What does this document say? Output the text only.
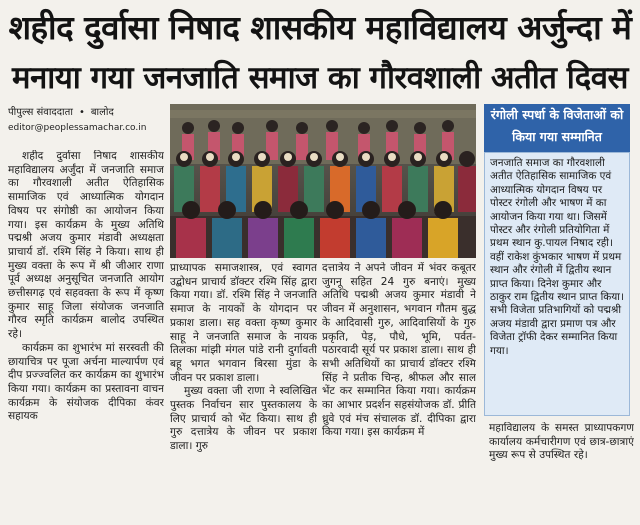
शहीद दुर्वासा निषाद शासकीय महाविद्यालय अर्जुन्दा में
मनाया गया जनजाति समाज का गौरवशाली अतीत दिवस
पीपुल्स संवाददाता • बालोद
editor@peoplessamachar.co.in

शहीद दुर्वासा निषाद शासकीय महाविद्यालय अर्जुंदा में जनजाति समाज का गौरवशाली अतीत ऐतिहासिक सामाजिक एवं आध्यात्मिक योगदान विषय पर संगोष्ठी का आयोजन किया गया। इस कार्यक्रम के मुख्य अतिथि पद्मश्री अजय कुमार मंडावी अध्यक्षता प्राचार्य डॉ. रश्मि सिंह ने किया। साथ ही मुख्य वक्ता के रूप में श्री जीआर राणा पूर्व अध्यक्ष अनुसूचित जनजाति आयोग छत्तीसगढ़ एवं सहवक्ता के रूप में कृष्ण कुमार साहू जिला संयोजक जनजाति गौरव स्मृति कार्यक्रम बालोद उपस्थित रहे।

कार्यक्रम का शुभारंभ मां सरस्वती की छायाचित्र पर पूजा अर्चना माल्यार्पण एवं दीप प्रज्ज्वलित कर कार्यक्रम का शुभारंभ किया गया। कार्यक्रम का प्रस्तावना वाचन कार्यक्रम के संयोजक दीपिका कंवर सहायक

प्राध्यापक समाजशास्त्र, एवं स्वागत उद्बोधन प्राचार्य डॉक्टर रश्मि सिंह द्वारा किया गया। डॉ. रश्मि सिंह ने जनजाति समाज के नायकों के योगदान पर प्रकाश डाला। सह वक्ता कृष्ण कुमार साहू ने जनजाति समाज के नायक तिलका मांझी मंगल पांडे रानी दुर्गावती बहू भगत भगवान बिरसा मुंडा के जीवन पर प्रकाश डाला।

मुख्य वक्ता जी राणा ने स्वलिखित पुस्तक निर्वाचन सार पुस्तकालय के लिए प्राचार्य को भेंट किया। साथ ही गुरु दत्तात्रेय के जीवन पर प्रकाश डाला। गुरु

दत्तात्रेय ने अपने जीवन में भंवर कबूतर जुगनू सहित 24 गुरु बनाएं। मुख्य अतिथि पद्मश्री अजय कुमार मंडावी ने जीवन में अनुशासन, भगवान गौतम बुद्ध के आदिवासी गुरु, आदिवासियों के गुरु प्रकृति, पेड़, पौधे, भूमि, पर्वत- पठारवादी सूर्य पर प्रकाश डाला। साथ ही सभी अतिथियों का प्राचार्य डॉक्टर रश्मि सिंह ने प्रतीक चिन्ह, श्रीफल और साल भेंट कर सम्मानित किया गया। कार्यक्रम का आभार प्रदर्शन सहसंयोजक डॉ. प्रीति ध्रुवे एवं मंच संचालक डॉ. दीपिका द्वारा किया गया। इस कार्यक्रम में

रंगोली स्पर्धा के विजेताओं को किया गया सम्मानित

जनजाति समाज का गौरवशाली अतीत ऐतिहासिक सामाजिक एवं आध्यात्मिक योगदान विषय पर पोस्टर रंगोली और भाषण में का आयोजन किया गया था। जिसमें पोस्टर और रंगोली प्रतियोगिता में प्रथम स्थान कु.पायल निषाद रही। वहीं राकेश कुंभकार भाषण में प्रथम स्थान और रंगोली में द्वितीय स्थान प्राप्त किया। दिनेश कुमार और ठाकुर राम द्वितीय स्थान प्राप्त किया। सभी विजेता प्रतिभागियों को पद्मश्री अजय मंडावी द्वारा प्रमाण पत्र और विजेता ट्रॉफी देकर सम्मानित किया गया।

महाविद्यालय के समस्त प्राध्यापकगण कार्यालय कर्मचारीगण एवं छात्र-छात्राएं मुख्य रूप से उपस्थित रहे।
